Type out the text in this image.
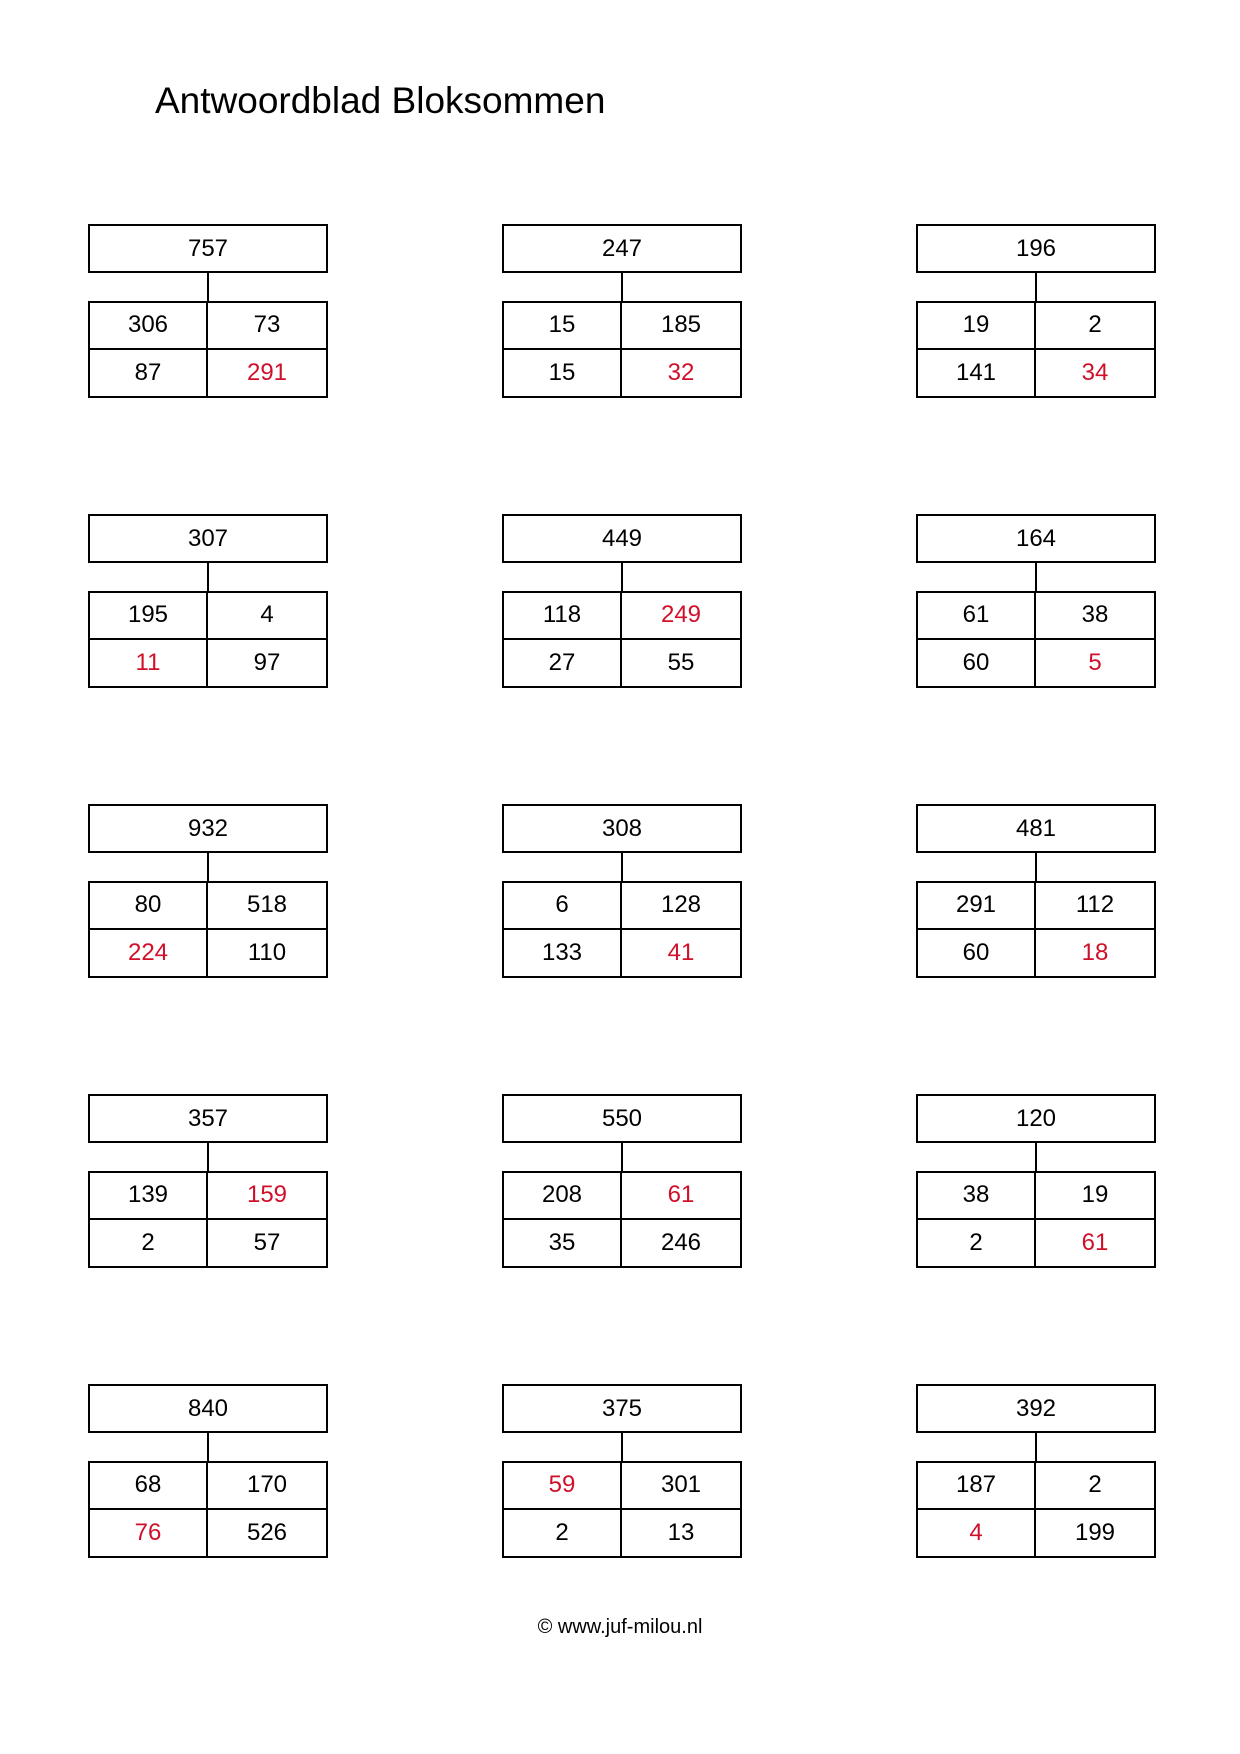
Antwoordblad Bloksommen
757
306	73
87	291
247
15	185
15	32
196
19	2
141	34
307
195	4
11	97
449
118	249
27	55
164
61	38
60	5
932
80	518
224	110
308
6	128
133	41
481
291	112
60	18
357
139	159
2	57
550
208	61
35	246
120
38	19
2	61
840
68	170
76	526
375
59	301
2	13
392
187	2
4	199
© www.juf-milou.nl
